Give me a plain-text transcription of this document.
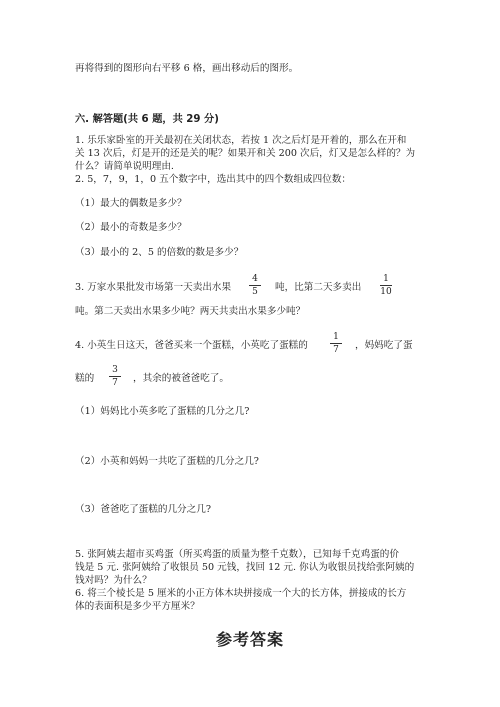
再将得到的图形向右平移 6 格，画出移动后的图形。
六. 解答题(共 6 题，共 29 分)
1. 乐乐家卧室的开关最初在关闭状态，若按 1 次之后灯是开着的，那么在开和
关 13 次后，灯是开的还是关的呢？如果开和关 200 次后，灯又是怎么样的？为
什么？请简单说明理由.
2. 5，7，9，1，0 五个数字中，选出其中的四个数组成四位数：
（1）最大的偶数是多少？
（2）最小的奇数是多少？
（3）最小的 2、5 的倍数的数是多少？
3. 万家水果批发市场第一天卖出水果
4
5	吨，比第二天多卖出
1
10
吨。第二天卖出水果多少吨？两天共卖出水果多少吨？
4. 小英生日这天，爸爸买来一个蛋糕，小英吃了蛋糕的
1
7	，妈妈吃了蛋
糕的
3
7	，其余的被爸爸吃了。
（1）妈妈比小英多吃了蛋糕的几分之几?
（2）小英和妈妈一共吃了蛋糕的几分之几?
（3）爸爸吃了蛋糕的几分之几?
5. 张阿姨去超市买鸡蛋（所买鸡蛋的质量为整千克数），已知每千克鸡蛋的价
钱是 5 元. 张阿姨给了收银员 50 元钱，找回 12 元. 你认为收银员找给张阿姨的
钱对吗？为什么？
6. 将三个棱长是 5 厘米的小正方体木块拼接成一个大的长方体，拼接成的长方
体的表面积是多少平方厘米？
参考答案
